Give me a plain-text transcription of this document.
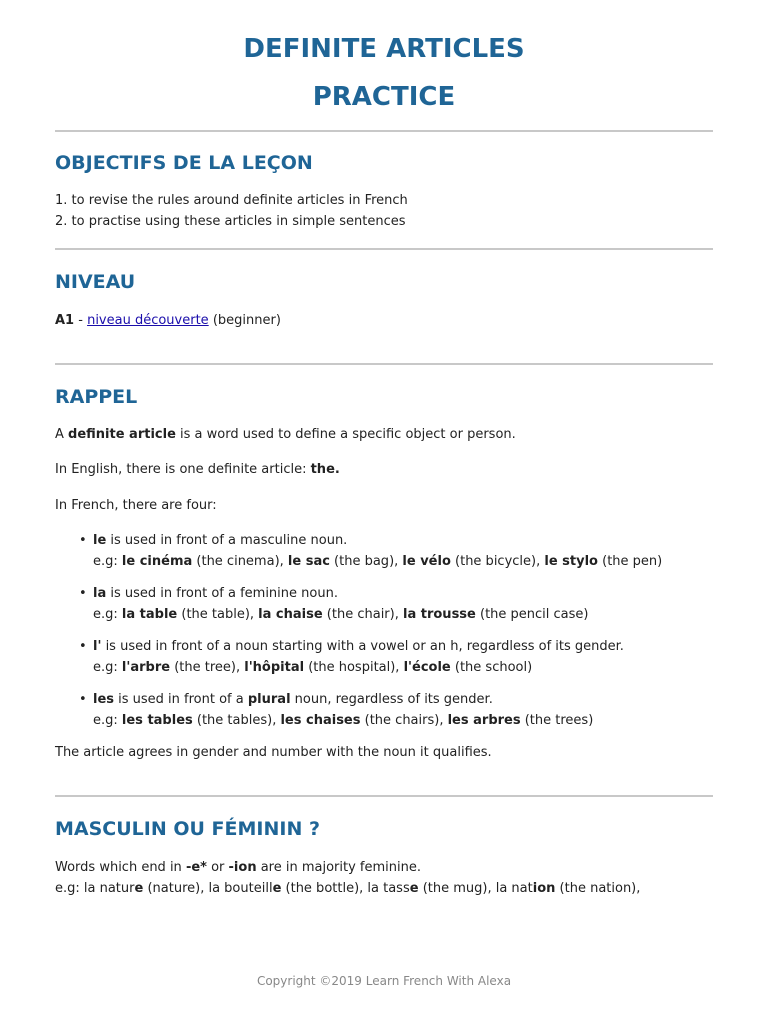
DEFINITE ARTICLES
PRACTICE
OBJECTIFS DE LA LEÇON

1. to revise the rules around definite articles in French

2. to practise using these articles in simple sentences

NIVEAU

A1 - niveau découverte (beginner)

RAPPEL

A definite article is a word used to define a specific object or person.

In English, there is one definite article: the.

In French, there are four:

• le is used in front of a masculine noun.
e.g: le cinéma (the cinema), le sac (the bag), le vélo (the bicycle), le stylo (the pen)
• la is used in front of a feminine noun.
e.g: la table (the table), la chaise (the chair), la trousse (the pencil case)
• l' is used in front of a noun starting with a vowel or an h, regardless of its gender.
e.g: l'arbre (the tree), l'hôpital (the hospital), l'école (the school)
• les is used in front of a plural noun, regardless of its gender.
e.g: les tables (the tables), les chaises (the chairs), les arbres (the trees)

The article agrees in gender and number with the noun it qualifies.

MASCULIN OU FÉMININ ?

Words which end in -e* or -ion are in majority feminine.

e.g: la nature (nature), la bouteille (the bottle), la tasse (the mug), la nation (the nation),

Copyright ©2019 Learn French With Alexa
